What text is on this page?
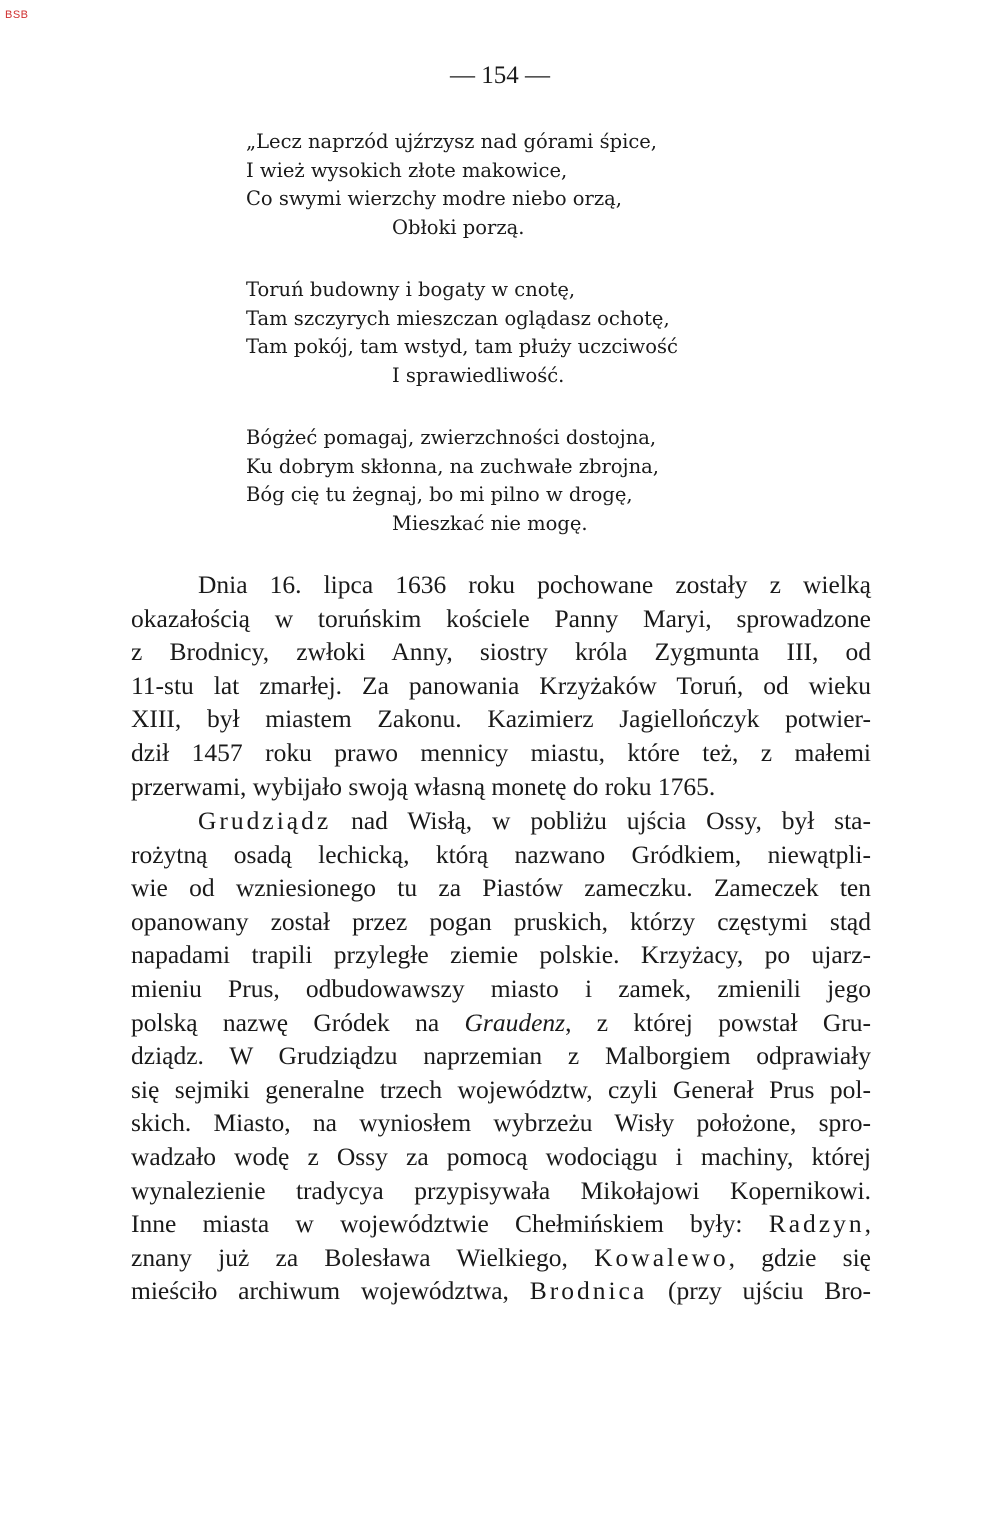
BSB
— 154 —
„Lecz naprzód ujźrzysz nad górami śpice,
I wież wysokich złote makowice,
Co swymi wierzchy modre niebo orzą,
Obłoki porzą.
Toruń budowny i bogaty w cnotę,
Tam szczyrych mieszczan oglądasz ochotę,
Tam pokój, tam wstyd, tam płuży uczciwość
I sprawiedliwość.
Bógżeć pomagaj, zwierzchności dostojna,
Ku dobrym skłonna, na zuchwałe zbrojna,
Bóg cię tu żegnaj, bo mi pilno w drogę,
Mieszkać nie mogę.
Dnia 16. lipca 1636 roku pochowane zostały z wielką
okazałością w toruńskim kościele Panny Maryi, sprowadzone
z Brodnicy, zwłoki Anny, siostry króla Zygmunta III, od
11-stu lat zmarłej. Za panowania Krzyżaków Toruń, od wieku
XIII, był miastem Zakonu. Kazimierz Jagiellończyk potwier-
dził 1457 roku prawo mennicy miastu, które też, z małemi
przerwami, wybijało swoją własną monetę do roku 1765.
Grudziądz nad Wisłą, w pobliżu ujścia Ossy, był sta-
rożytną osadą lechicką, którą nazwano Gródkiem, niewątpli-
wie od wzniesionego tu za Piastów zameczku. Zameczek ten
opanowany został przez pogan pruskich, którzy częstymi stąd
napadami trapili przyległe ziemie polskie. Krzyżacy, po ujarz-
mieniu Prus, odbudowawszy miasto i zamek, zmienili jego
polską nazwę Gródek na Graudenz, z której powstał Gru-
dziądz. W Grudziądzu naprzemian z Malborgiem odprawiały
się sejmiki generalne trzech województw, czyli Generał Prus pol-
skich. Miasto, na wyniosłem wybrzeżu Wisły położone, spro-
wadzało wodę z Ossy za pomocą wodociągu i machiny, której
wynalezienie tradycya przypisywała Mikołajowi Kopernikowi.
Inne miasta w województwie Chełmińskiem były: Radzyn,
znany już za Bolesława Wielkiego, Kowalewo, gdzie się
mieściło archiwum województwa, Brodnica (przy ujściu Bro-
